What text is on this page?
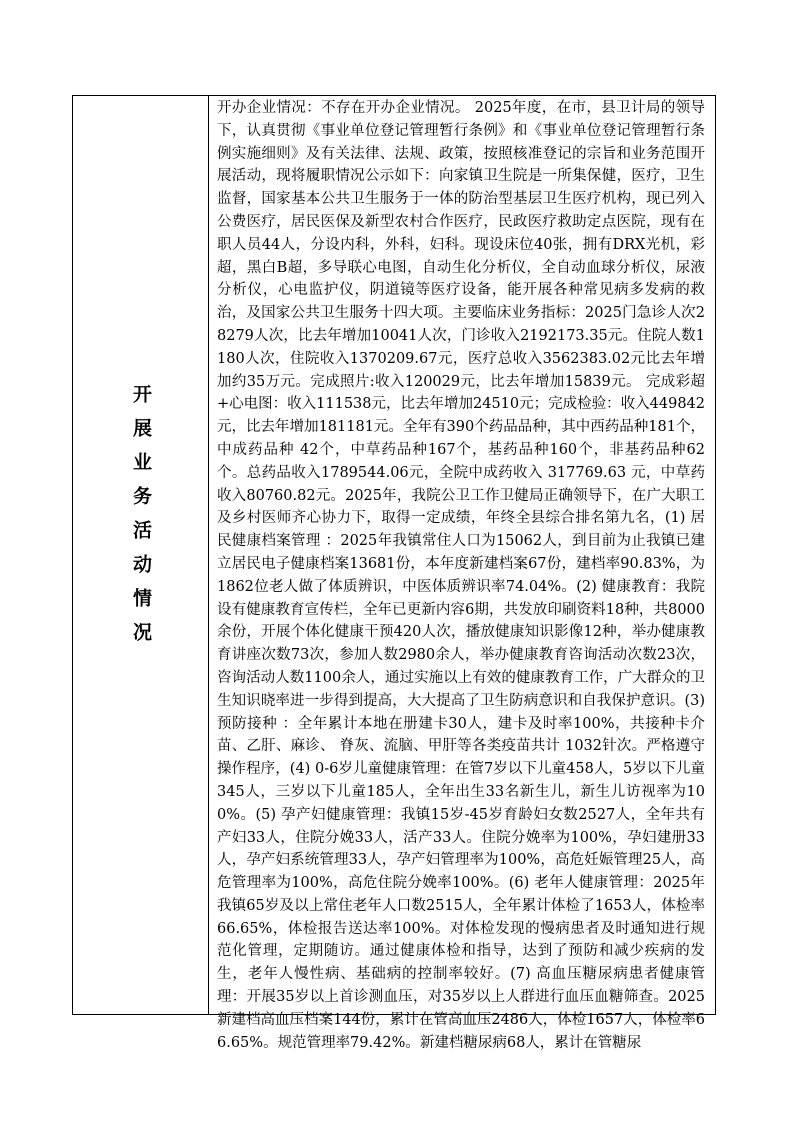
开展业务活动情况
开办企业情况：不存在开办企业情况。 2025年度，在市，县卫计局的领导下，认真贯彻《事业单位登记管理暂行条例》和《事业单位登记管理暂行条例实施细则》及有关法律、法规、政策，按照核准登记的宗旨和业务范围开展活动，现将履职情况公示如下：向家镇卫生院是一所集保健，医疗，卫生监督，国家基本公共卫生服务于一体的防治型基层卫生医疗机构，现已列入公费医疗，居民医保及新型农村合作医疗，民政医疗救助定点医院，现有在职人员44人，分设内科，外科，妇科。现设床位40张，拥有DRX光机，彩超，黑白B超，多导联心电图，自动生化分析仪，全自动血球分析仪，尿液分析仪，心电监护仪，阴道镜等医疗设备，能开展各种常见病多发病的救治，及国家公共卫生服务十四大项。主要临床业务指标：2025门急诊人次28279人次，比去年增加10041人次，门诊收入2192173.35元。住院人数1180人次，住院收入1370209.67元，医疗总收入3562383.02元比去年增加约35万元。完成照片:收入120029元，比去年增加15839元。 完成彩超+心电图：收入111538元，比去年增加24510元；完成检验：收入449842元，比去年增加181181元。全年有390个药品品种，其中西药品种181个，中成药品种 42个，中草药品种167个，基药品种160个，非基药品种62个。总药品收入1789544.06元，全院中成药收入 317769.63 元，中草药收入80760.82元。2025年，我院公卫工作卫健局正确领导下，在广大职工及乡村医师齐心协力下，取得一定成绩，年终全县综合排名第九名，(1) 居民健康档案管理 ：2025年我镇常住人口为15062人，到目前为止我镇已建立居民电子健康档案13681份，本年度新建档案67份，建档率90.83%，为1862位老人做了体质辨识，中医体质辨识率74.04%。(2) 健康教育：我院设有健康教育宣传栏，全年已更新内容6期，共发放印刷资料18种，共8000余份，开展个体化健康干预420人次，播放健康知识影像12种，举办健康教育讲座次数73次，参加人数2980余人，举办健康教育咨询活动次数23次，咨询活动人数1100余人，通过实施以上有效的健康教育工作，广大群众的卫生知识晓率进一步得到提高，大大提高了卫生防病意识和自我保护意识。(3) 预防接种 ：全年累计本地在册建卡30人，建卡及时率100%，共接种卡介苗、乙肝、麻诊、 脊灰、流脑、甲肝等各类疫苗共计 1032针次。严格遵守操作程序，(4) 0-6岁儿童健康管理：在管7岁以下儿童458人，5岁以下儿童345人，三岁以下儿童185人，全年出生33名新生儿，新生儿访视率为100%。(5) 孕产妇健康管理：我镇15岁-45岁育龄妇女数2527人，全年共有产妇33人，住院分娩33人，活产33人。住院分娩率为100%，孕妇建册33人，孕产妇系统管理33人，孕产妇管理率为100%，高危妊娠管理25人，高危管理率为100%，高危住院分娩率100%。(6) 老年人健康管理：2025年我镇65岁及以上常住老年人口数2515人，全年累计体检了1653人，体检率66.65%，体检报告送达率100%。对体检发现的慢病患者及时通知进行规范化管理，定期随访。通过健康体检和指导，达到了预防和减少疾病的发生，老年人慢性病、基础病的控制率较好。(7) 高血压糖尿病患者健康管理：开展35岁以上首诊测血压，对35岁以上人群进行血压血糖筛查。2025新建档高血压档案144份，累计在管高血压2486人，体检1657人，体检率66.65%。规范管理率79.42%。新建档糖尿病68人，累计在管糖尿
